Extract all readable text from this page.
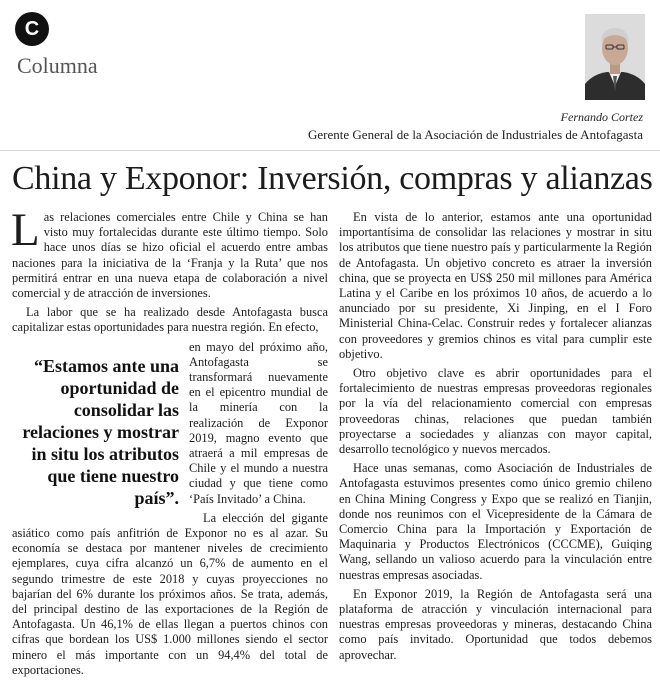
C
Columna
Fernando Cortez
Gerente General de la Asociación de Industriales de Antofagasta
China y Exponor: Inversión, compras y alianzas

Las relaciones comerciales entre Chile y China se han visto muy fortalecidas durante este último tiempo. Solo hace unos días se hizo oficial el acuerdo entre ambas naciones para la iniciativa de la ‘Franja y la Ruta’ que nos permitirá entrar en una nueva etapa de colaboración a nivel comercial y de atracción de inversiones.

La labor que se ha realizado desde Antofagasta busca capitalizar estas oportunidades para nuestra región. En efecto,

“Estamos ante una oportunidad de consolidar las relaciones y mostrar in situ los atributos que tiene nuestro país”.

en mayo del próximo año, Antofagasta se transformará nuevamente en el epicentro mundial de la minería con la realización de Exponor 2019, magno evento que atraerá a mil empresas de Chile y el mundo a nuestra ciudad y que tiene como ‘País Invitado’ a China.

La elección del gigante asiático como país anfitrión de Exponor no es al azar. Su economía se destaca por mantener niveles de crecimiento ejemplares, cuya cifra alcanzó un 6,7% de aumento en el segundo trimestre de este 2018 y cuyas proyecciones no bajarían del 6% durante los próximos años. Se trata, además, del principal destino de las exportaciones de la Región de Antofagasta. Un 46,1% de ellas llegan a puertos chinos con cifras que bordean los US$ 1.000 millones siendo el sector minero el más importante con un 94,4% del total de exportaciones.

En vista de lo anterior, estamos ante una oportunidad importantísima de consolidar las relaciones y mostrar in situ los atributos que tiene nuestro país y particularmente la Región de Antofagasta. Un objetivo concreto es atraer la inversión china, que se proyecta en US$ 250 mil millones para América Latina y el Caribe en los próximos 10 años, de acuerdo a lo anunciado por su presidente, Xi Jinping, en el I Foro Ministerial China-Celac. Construir redes y fortalecer alianzas con proveedores y gremios chinos es vital para cumplir este objetivo.

Otro objetivo clave es abrir oportunidades para el fortalecimiento de nuestras empresas proveedoras regionales por la vía del relacionamiento comercial con empresas proveedoras chinas, relaciones que puedan también proyectarse a sociedades y alianzas con mayor capital, desarrollo tecnológico y nuevos mercados.

Hace unas semanas, como Asociación de Industriales de Antofagasta estuvimos presentes como único gremio chileno en China Mining Congress y Expo que se realizó en Tianjin, donde nos reunimos con el Vicepresidente de la Cámara de Comercio China para la Importación y Exportación de Maquinaria y Productos Electrónicos (CCCME), Guiqing Wang, sellando un valioso acuerdo para la vinculación entre nuestras empresas asociadas.

En Exponor 2019, la Región de Antofagasta será una plataforma de atracción y vinculación internacional para nuestras empresas proveedoras y mineras, destacando China como país invitado. Oportunidad que todos debemos aprovechar.
